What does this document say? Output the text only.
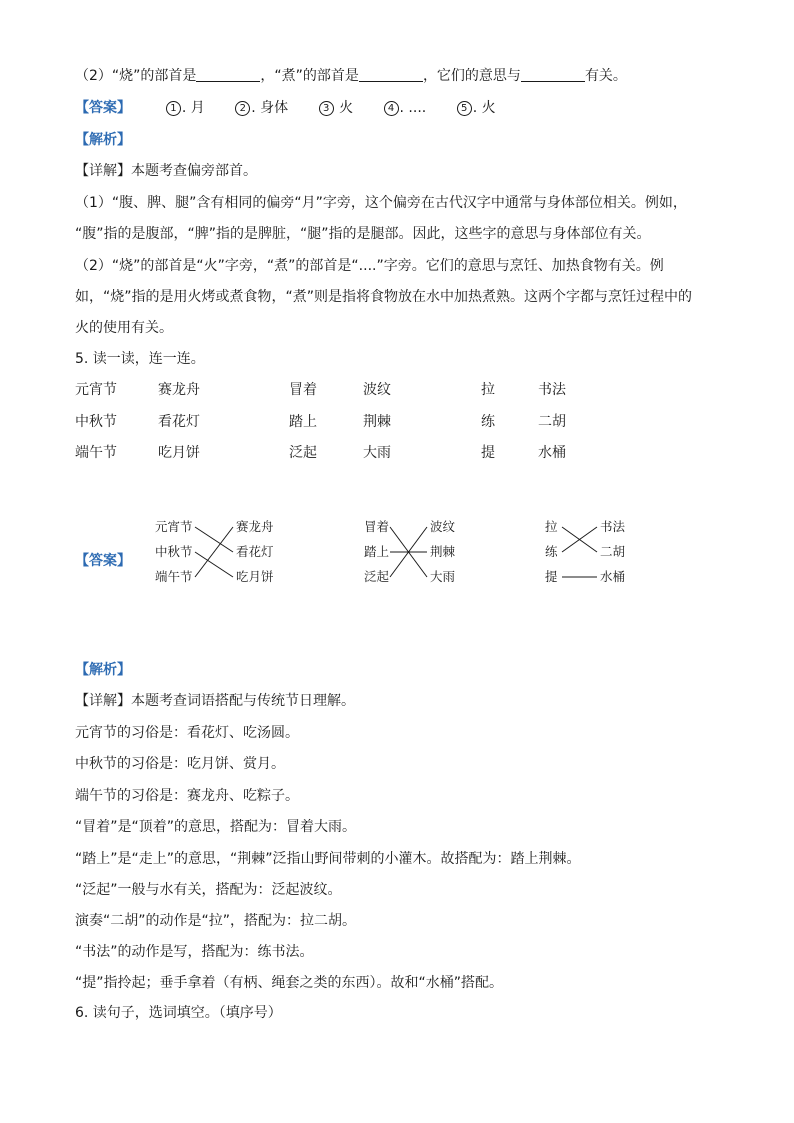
（2）“烧”的部首是	，“煮”的部首是	，它们的意思与	有关。
【答案】	1 . 月	2 . 身体	3 火	4 . ....	5 . 火
【解析】
【详解】本题考查偏旁部首。
（1）“腹、脾、腿”含有相同的偏旁“月”字旁，这个偏旁在古代汉字中通常与身体部位相关。例如，
“腹”指的是腹部，“脾”指的是脾脏，“腿”指的是腿部。因此，这些字的意思与身体部位有关。
（2）“烧”的部首是“火”字旁，“煮”的部首是“....”字旁。它们的意思与烹饪、加热食物有关。例
如，“烧”指的是用火烤或煮食物，“煮”则是指将食物放在水中加热煮熟。这两个字都与烹饪过程中的
火的使用有关。
5. 读一读，连一连。
元宵节	赛龙舟	冒着	波纹	拉	书法
中秋节	看花灯	踏上	荆棘	练	二胡
端午节	吃月饼	泛起	大雨	提	水桶
【答案】
元宵节
中秋节
端午节
赛龙舟
看花灯
吃月饼
冒着
踏上
泛起
波纹
荆棘
大雨
拉
练
提
书法
二胡
水桶
【解析】
【详解】本题考查词语搭配与传统节日理解。
元宵节的习俗是：看花灯、吃汤圆。
中秋节的习俗是：吃月饼、赏月。
端午节的习俗是：赛龙舟、吃粽子。
“冒着”是“顶着”的意思，搭配为：冒着大雨。
“踏上”是“走上”的意思，“荆棘”泛指山野间带刺的小灌木。故搭配为：踏上荆棘。
“泛起”一般与水有关，搭配为：泛起波纹。
演奏“二胡”的动作是“拉”，搭配为：拉二胡。
“书法”的动作是写，搭配为：练书法。
“提”指拎起；垂手拿着（有柄、绳套之类的东西）。故和“水桶”搭配。
6. 读句子，选词填空。（填序号）
